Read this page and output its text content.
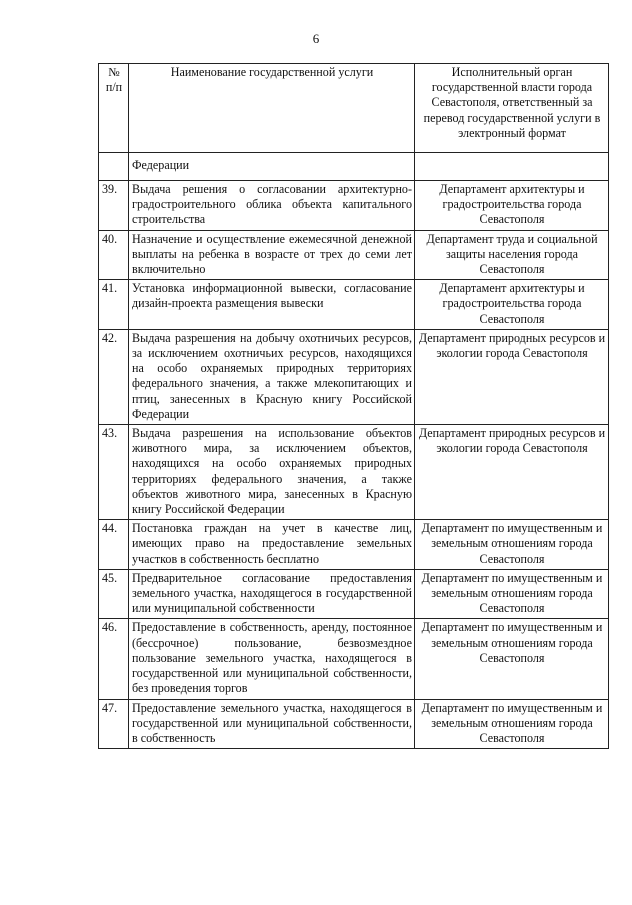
6
№ п/п	Наименование государственной услуги	Исполнительный орган государственной власти города Севастополя, ответственный за перевод государственной услуги в электронный формат
	Федерации	
39.	Выдача решения о согласовании архитектурно-градостроительного облика объекта капитального строительства	Департамент архитектуры и градостроительства города Севастополя
40.	Назначение и осуществление ежемесячной денежной выплаты на ребенка в возрасте от трех до семи лет включительно	Департамент труда и социальной защиты населения города Севастополя
41.	Установка информационной вывески, согласование дизайн-проекта размещения вывески	Департамент архитектуры и градостроительства города Севастополя
42.	Выдача разрешения на добычу охотничьих ресурсов, за исключением охотничьих ресурсов, находящихся на особо охраняемых природных территориях федерального значения, а также млекопитающих и птиц, занесенных в Красную книгу Российской Федерации	Департамент природных ресурсов и экологии города Севастополя
43.	Выдача разрешения на использование объектов животного мира, за исключением объектов, находящихся на особо охраняемых природных территориях федерального значения, а также объектов животного мира, занесенных в Красную книгу Российской Федерации	Департамент природных ресурсов и экологии города Севастополя
44.	Постановка граждан на учет в качестве лиц, имеющих право на предоставление земельных участков в собственность бесплатно	Департамент по имущественным и земельным отношениям города Севастополя
45.	Предварительное согласование предоставления земельного участка, находящегося в государственной или муниципальной собственности	Департамент по имущественным и земельным отношениям города Севастополя
46.	Предоставление в собственность, аренду, постоянное (бессрочное) пользование, безвозмездное пользование земельного участка, находящегося в государственной или муниципальной собственности, без проведения торгов	Департамент по имущественным и земельным отношениям города Севастополя
47.	Предоставление земельного участка, находящегося в государственной или муниципальной собственности, в собственность	Департамент по имущественным и земельным отношениям города Севастополя
